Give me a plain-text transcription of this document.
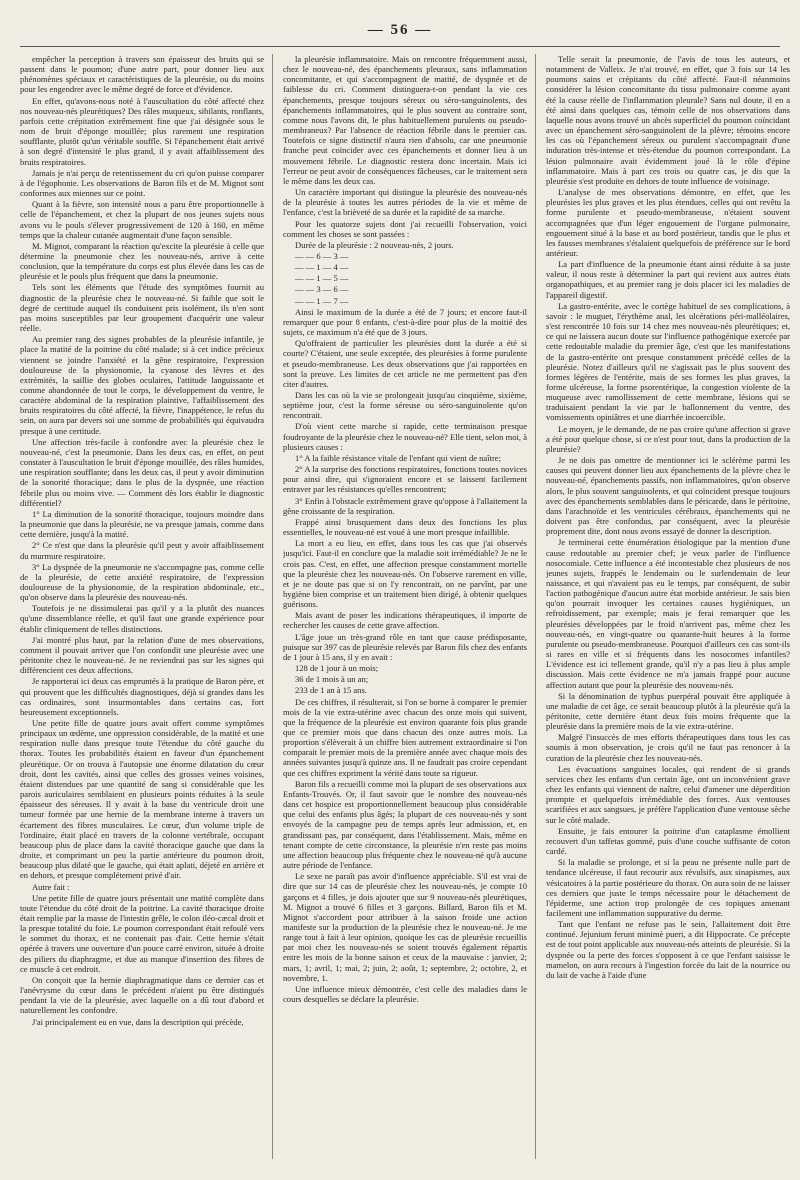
— 56 —

empêcher la perception à travers son épaisseur des bruits qui se passent dans le poumon; d'une autre part, pour donner lieu aux phénomènes spéciaux et caractéristiques de la pleurésie, ou du moins pour les engendrer avec le même degré de force et d'évidence.

En effet, qu'avons-nous noté à l'auscultation du côté affecté chez nos nouveau-nés pleurétiques? Des râles muqueux, sibilants, ronflants, parfois cette crépitation extrêmement fine que j'ai désignée sous le nom de bruit d'éponge mouillée; plus rarement une respiration soufflante, plutôt qu'un véritable souffle. Si l'épanchement était arrivé à son degré d'intensité le plus grand, il y avait affaiblissement des bruits respiratoires.

Jamais je n'ai perçu de retentissement du cri qu'on puisse comparer à de l'égophonie. Les observations de Baron fils et de M. Mignot sont conformes aux miennes sur ce point.

Quant à la fièvre, son intensité nous a paru être proportionnelle à celle de l'épanchement, et chez la plupart de nos jeunes sujets nous avons vu le pouls s'élever progressivement de 120 à 160, en même temps que la chaleur cutanée augmentait d'une façon sensible.

M. Mignot, comparant la réaction qu'excite la pleurésie à celle que détermine la pneumonie chez les nouveau-nés, arrive à cette conclusion, que la température du corps est plus élevée dans les cas de pleurésie et le pouls plus fréquent que dans la pneumonie.

Tels sont les éléments que l'étude des symptômes fournit au diagnostic de la pleurésie chez le nouveau-né. Si faible que soit le degré de certitude auquel ils conduisent pris isolément, ils n'en sont pas moins susceptibles par leur groupement d'acquérir une valeur réelle.

Au premier rang des signes probables de la pleurésie infantile, je place la matité de la poitrine du côté malade; si à cet indice précieux viennent se joindre l'anxiété et la gêne respiratoire, l'expression douloureuse de la physionomie, la cyanose des lèvres et des extrémités, la saillie des globes oculaires, l'attitude languissante et comme abandonnée de tout le corps, le développement du ventre, le caractère abdominal de la respiration plaintive, l'affaiblissement des bruits respiratoires du côté affecté, la fièvre, l'inappétence, le refus du sein, on aura par devers soi une somme de probabilités qui équivaudra presque à une certitude.

Une affection très-facile à confondre avec la pleurésie chez le nouveau-né, c'est la pneumonie. Dans les deux cas, en effet, on peut constater à l'auscultation le bruit d'éponge mouillée, des râles humides, une respiration soufflante; dans les deux cas, il peut y avoir diminution de la sonorité thoracique; dans le plus de la dyspnée, une réaction fébrile plus ou moins vive. — Comment dès lors établir le diagnostic différentiel?

1° La diminution de la sonorité thoracique, toujours moindre dans la pneumonie que dans la pleurésie, ne va presque jamais, comme dans cette dernière, jusqu'à la matité.

2° Ce n'est que dans la pleurésie qu'il peut y avoir affaiblissement du murmure respiratoire.

3° La dyspnée de la pneumonie ne s'accompagne pas, comme celle de la pleurésie, de cette anxiété respiratoire, de l'expression douloureuse de la physionomie, de la respiration abdominale, etc., qu'on observe dans la pleurésie des nouveau-nés.

Toutefois je ne dissimulerai pas qu'il y a la plutôt des nuances qu'une dissemblance réelle, et qu'il faut une grande expérience pour établir cliniquement de telles distinctions.

J'ai montré plus haut, par la relation d'une de mes observations, comment il pouvait arriver que l'on confondit une pleurésie avec une péritonite chez le nouveau-né. Je ne reviendrai pas sur les signes qui différencient ces deux affections.

Je rapporterai ici deux cas empruntés à la pratique de Baron père, et qui prouvent que les difficultés diagnostiques, déjà si grandes dans les cas ordinaires, sont insurmontables dans certains cas, fort heureusement exceptionnels.

Une petite fille de quatre jours avait offert comme symptômes principaux un œdème, une oppression considérable, de la matité et une respiration nulle dans presque toute l'étendue du côté gauche du thorax. Toutes les probabilités étaient en faveur d'un épanchement pleurétique. Or on trouva à l'autopsie une énorme dilatation du cœur droit, dont les cavités, ainsi que celles des grosses veines voisines, étaient distendues par une quantité de sang si considérable que les parois auriculaires semblaient en plusieurs points réduites à la seule épaisseur des séreuses. Il y avait à la base du ventricule droit une tumeur formée par une hernie de la membrane interne à travers un écartement des fibres musculaires. Le cœur, d'un volume triple de l'ordinaire, était placé en travers de la colonne vertébrale, occupant beaucoup plus de place dans la cavité thoracique gauche que dans la droite, et comprimant un peu la partie antérieure du poumon droit, beaucoup plus dilaté que le gauche, qui était aplati, déjeté en arrière et en dehors, et presque complétement privé d'air.

Autre fait :

Une petite fille de quatre jours présentait une matité complète dans toute l'étendue du côté droit de la poitrine. La cavité thoracique droite était remplie par la masse de l'intestin grêle, le colon iléo-cæcal droit et la presque totalité du foie. Le poumon correspondant était refoulé vers le sommet du thorax, et ne contenait pas d'air. Cette hernie s'était opérée à travers une ouverture d'un pouce carré environ, située à droite des piliers du diaphragme, et due au manque d'insertion des fibres de ce muscle à cet endroit.

On conçoit que la hernie diaphragmatique dans ce dernier cas et l'anévrysme du cœur dans le précédent n'aient pu être distingués pendant la vie de la pleurésie, avec laquelle on a dû tout d'abord et naturellement les confondre.

J'ai principalement eu en vue, dans la description qui précède,

la pleurésie inflammatoire. Mais on rencontre fréquemment aussi, chez le nouveau-né, des épanchements pleuraux, sans inflammation concomitante, et qui s'accompagnent de matité, de dyspnée et de faiblesse du cri. Comment distinguera-t-on pendant la vie ces épanchements, presque toujours séreux ou séro-sanguinolents, des épanchements inflammatoires, qui le plus souvent au contraire sont, comme nous l'avons dit, le plus habituellement purulents ou pseudo-membraneux? Par l'absence de réaction fébrile dans le premier cas. Toutefois ce signe distinctif n'aura rien d'absolu, car une pneumonie franche peut coïncider avec ces épanchements et donner lieu à un mouvement fébrile. Le diagnostic restera donc incertain. Mais ici l'erreur ne peut avoir de conséquences fâcheuses, car le traitement sera le même dans les deux cas.

Un caractère important qui distingue la pleurésie des nouveau-nés de la pleurésie à toutes les autres périodes de la vie et même de l'enfance, c'est la brièveté de sa durée et la rapidité de sa marche.

Pour les quatorze sujets dont j'ai recueilli l'observation, voici comment les choses se sont passées :

Durée de la pleurésie : 2 nouveau-nés, 2 jours.

— — 6 — 3 —

— — 1 — 4 —

— — 1 — 5 —

— — 3 — 6 —

— — 1 — 7 —

Ainsi le maximum de la durée a été de 7 jours; et encore faut-il remarquer que pour 8 enfants, c'est-à-dire pour plus de la moitié des sujets, ce maximum n'a été que de 3 jours.

Qu'offraient de particulier les pleurésies dont la durée a été si courte? C'étaient, une seule exceptée, des pleurésies à forme purulente et pseudo-membraneuse. Les deux observations que j'ai rapportées en sont la preuve. Les limites de cet article ne me permettent pas d'en citer d'autres.

Dans les cas où la vie se prolongeait jusqu'au cinquième, sixième, septième jour, c'est la forme séreuse ou séro-sanguinolente qu'on rencontrait.

D'où vient cette marche si rapide, cette terminaison presque foudroyante de la pleurésie chez le nouveau-né? Elle tient, selon moi, à plusieurs causes :

1° A la faible résistance vitale de l'enfant qui vient de naître;

2° A la surprise des fonctions respiratoires, fonctions toutes novices pour ainsi dire, qui s'ignoraient encore et se laissent facilement entraver par les résistances qu'elles rencontrent;

3° Enfin à l'obstacle extrêmement grave qu'oppose à l'allaitement la gêne croissante de la respiration.

Frappé ainsi brusquement dans deux des fonctions les plus essentielles, le nouveau-né est voué à une mort presque infaillible.

La mort a eu lieu, en effet, dans tous les cas que j'ai observés jusqu'ici. Faut-il en conclure que la maladie soit irrémédiable? Je ne le crois pas. C'est, en effet, une affection presque constamment mortelle que la pleurésie chez les nouveau-nés. On l'observe rarement en ville, et je ne doute pas que si on l'y rencontrait, on ne parvînt, par une hygiène bien comprise et un traitement bien dirigé, à obtenir quelques guérisons.

Mais avant de poser les indications thérapeutiques, il importe de rechercher les causes de cette grave affection.

L'âge joue un très-grand rôle en tant que cause prédisposante, puisque sur 397 cas de pleurésie relevés par Baron fils chez des enfants de 1 jour à 15 ans, il y en avait :

128 de 1 jour à un mois;

36 de 1 mois à un an;

233 de 1 an à 15 ans.

De ces chiffres, il résulterait, si l'on se borne à comparer le premier mois de la vie extra-utérine avec chacun des onze mois qui suivent, que la fréquence de la pleurésie est environ quarante fois plus grande que ce premier mois que dans chacun des onze autres mois. La proportion s'élèverait à un chiffre bien autrement extraordinaire si l'on comparait le premier mois de la première année avec chaque mois des années suivantes jusqu'à quinze ans. Il ne faudrait pas croire cependant que ces chiffres expriment la vérité dans toute sa rigueur.

Baron fils a recueilli comme moi la plupart de ses observations aux Enfants-Trouvés. Or, il faut savoir que le nombre des nouveau-nés dans cet hospice est proportionnellement beaucoup plus considérable que celui des enfants plus âgés; la plupart de ces nouveau-nés y sont envoyés de la campagne peu de temps après leur admission, et, en grandissant pas, par conséquent, dans l'établissement. Mais, même en tenant compte de cette circonstance, la pleurésie n'en reste pas moins une affection beaucoup plus fréquente chez le nouveau-né qu'à aucune autre période de l'enfance.

Le sexe ne paraît pas avoir d'influence appréciable. S'il est vrai de dire que sur 14 cas de pleurésie chez les nouveau-nés, je compte 10 garçons et 4 filles, je dois ajouter que sur 9 nouveau-nés pleurétiques, M. Mignot a trouvé 6 filles et 3 garçons. Billard, Baron fils et M. Mignot s'accordent pour attribuer à la saison froide une action manifeste sur la production de la pleurésie chez le nouveau-né. Je me range tout à fait à leur opinion, quoique les cas de pleurésie recueillis par moi chez les nouveau-nés se soient trouvés également répartis entre les mois de la bonne saison et ceux de la mauvaise : janvier, 2; mars, 1; avril, 1; mai, 2; juin, 2; août, 1; septembre, 2; octobre, 2, et novembre, 1.

Une influence mieux démontrée, c'est celle des maladies dans le cours desquelles se déclare la pleurésie.

Telle serait la pneumonie, de l'avis de tous les auteurs, et notamment de Valleix. Je n'ai trouvé, en effet, que 3 fois sur 14 les poumons sains et crépitants du côté affecté. Faut-il néanmoins considérer la lésion concomitante du tissu pulmonaire comme ayant été la cause réelle de l'inflammation pleurale? Sans nul doute, il en a été ainsi dans quelques cas, témoin celle de nos observations dans laquelle nous avons trouvé un abcès superficiel du poumon coïncidant avec un épanchement séro-sanguinolent de la plèvre; témoins encore les cas où l'épanchement séreux ou purulent s'accompagnait d'une induration très-intense et très-étendue du poumon correspondant. La lésion pulmonaire avait évidemment joué là le rôle d'épine inflammatoire. Mais à part ces trois ou quatre cas, je dis que la pleurésie s'est produite en dehors de toute influence de voisinage.

L'analyse de mes observations démontre, en effet, que les pleurésies les plus graves et les plus étendues, celles qui ont revêtu la forme purulente et pseudo-membraneuse, n'étaient souvent accompagnées que d'un léger engouement de l'organe pulmonaire, engouement situé à la base et au bord postérieur, tandis que le plus et les fausses membranes s'étalaient quelquefois de préférence sur le bord antérieur.

La part d'influence de la pneumonie étant ainsi réduite à sa juste valeur, il nous reste à déterminer la part qui revient aux autres états organopathiques, et au premier rang je dois placer ici les maladies de l'appareil digestif.

La gastro-entérite, avec le cortège habituel de ses complications, à savoir : le muguet, l'érythème anal, les ulcérations péri-malléolaires, s'est rencontrée 10 fois sur 14 chez mes nouveau-nés pleurétiques; et, ce qui ne laissera aucun doute sur l'influence pathogénique exercée par cette redoutable maladie du premier âge, c'est que les manifestations de la gastro-entérite ont presque constamment précédé celles de la pleurésie. Notez d'ailleurs qu'il ne s'agissait pas le plus souvent des formes légères de l'entérite, mais de ses formes les plus graves, la forme ulcéreuse, la forme psorentérique, la congestion violente de la muqueuse avec ramollissement de cette membrane, lésions qui se traduisaient pendant la vie par le ballonnement du ventre, des vomissements opiniâtres et une diarrhée incoercible.

Le moyen, je le demande, de ne pas croire qu'une affection si grave a été pour quelque chose, si ce n'est pour tout, dans la production de la pleurésie?

Je ne dois pas omettre de mentionner ici le sclérème parmi les causes qui peuvent donner lieu aux épanchements de la plèvre chez le nouveau-né, épanchements passifs, non inflammatoires, qu'on observe alors, le plus souvent sanguinolents, et qui coïncident presque toujours avec des épanchements semblables dans le péricarde, dans le péritoine, dans l'arachnoïde et les ventricules cérébraux, épanchements qui ne doivent pas être confondus, par conséquent, avec la pleurésie proprement dite, dont nous avons essayé de donner la description.

Je terminerai cette énumération étiologique par la mention d'une cause redoutable au premier chef; je veux parler de l'influence nosocomiale. Cette influence a été incontestable chez plusieurs de nos jeunes sujets, frappés le lendemain ou le surlendemain de leur naissance, et qui n'avaient pas eu le temps, par conséquent, de subir l'action pathogénique d'aucun autre état morbide antérieur. Je sais bien qu'on pourrait invoquer les certaines causes hygiéniques, un refroidissement, par exemple; mais je ferai remarquer que les pleurésies développées par le froid n'arrivent pas, même chez les nouveau-nés, en vingt-quatre ou quarante-huit heures à la forme purulente ou pseudo-membraneuse. Pourquoi d'ailleurs ces cas sont-ils si rares en ville et si fréquents dans les nosocomes infantiles? L'évidence est ici tellement grande, qu'il n'y a pas lieu à plus ample discussion. Mais cette évidence ne m'a jamais frappé pour aucune affection autant que pour la pleurésie des nouveau-nés.

Si la dénomination de typhus puerpéral pouvait être appliquée à une maladie de cet âge, ce serait beaucoup plutôt à la pleurésie qu'à la péritonite, cette dernière étant deux fois moins fréquente que la pleurésie dans la première mois de la vie extra-utérine.

Malgré l'insuccès de mes efforts thérapeutiques dans tous les cas soumis à mon observation, je crois qu'il ne faut pas renoncer à la curation de la pleurésie chez les nouveau-nés.

Les évacuations sanguines locales, qui rendent de si grands services chez les enfants d'un certain âge, ont un inconvénient grave chez les enfants qui viennent de naître, celui d'amener une déperdition prompte et quelquefois irrémédiable des forces. Aux ventouses scarifiées et aux sangsues, je préfère l'application d'une ventouse sèche sur le côté malade.

Ensuite, je fais entourer la poitrine d'un cataplasme émollient recouvert d'un taffetas gommé, puis d'une couche suffisante de coton cardé.

Si la maladie se prolonge, et si la peau ne présente nulle part de tendance ulcéreuse, il faut recourir aux révulsifs, aux sinapismes, aux vésicatoires à la partie postérieure du thorax. On aura soin de ne laisser ces derniers que juste le temps nécessaire pour le détachement de l'épiderme, une action trop prolongée de ces topiques amenant facilement une inflammation suppurative du derme.

Tant que l'enfant ne refuse pas le sein, l'allaitement doit être continué. Jejunium ferunt minimè pueri, a dit Hippocrate. Ce précepte est de tout point applicable aux nouveau-nés atteints de pleurésie. Si la dyspnée ou la perte des forces s'opposent à ce que l'enfant saisisse le mamelon, on aura recours à l'ingestion forcée du lait de la nourrice ou du lait de vache à l'aide d'une
